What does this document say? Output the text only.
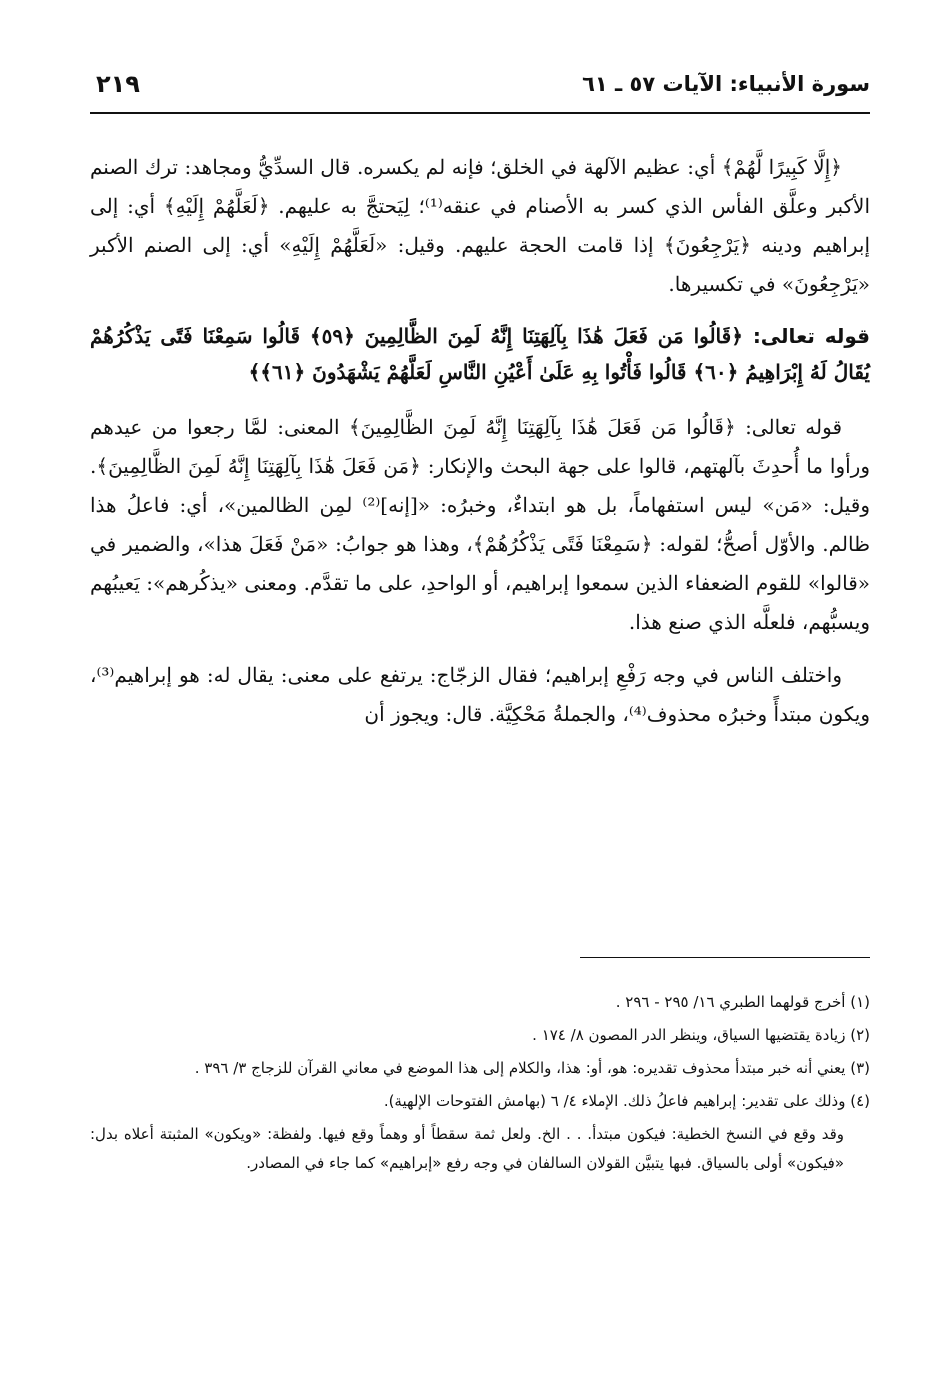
سورة الأنبياء: الآيات ٥٧ ـ ٦١
٢١٩

﴿إِلَّا كَبِيرًا لَّهُمْ﴾ أي: عظيم الآلهة في الخلق؛ فإنه لم يكسره. قال السدِّيُّ ومجاهد: ترك الصنم الأكبر وعلَّق الفأس الذي كسر به الأصنام في عنقه⁽¹⁾؛ لِيَحتجَّ به عليهم. ﴿لَعَلَّهُمْ إِلَيْهِ﴾ أي: إلى إبراهيم ودينه ﴿يَرْجِعُونَ﴾ إذا قامت الحجة عليهم. وقيل: «لَعَلَّهُمْ إِلَيْهِ» أي: إلى الصنم الأكبر «يَرْجِعُونَ» في تكسيرها.

قوله تعالى: ﴿قَالُوا مَن فَعَلَ هَٰذَا بِآلِهَتِنَا إِنَّهُ لَمِنَ الظَّالِمِينَ ﴿٥٩﴾ قَالُوا سَمِعْنَا فَتًى يَذْكُرُهُمْ يُقَالُ لَهُ إِبْرَاهِيمُ ﴿٦٠﴾ قَالُوا فَأْتُوا بِهِ عَلَىٰ أَعْيُنِ النَّاسِ لَعَلَّهُمْ يَشْهَدُونَ ﴿٦١﴾﴾

قوله تعالى: ﴿قَالُوا مَن فَعَلَ هَٰذَا بِآلِهَتِنَا إِنَّهُ لَمِنَ الظَّالِمِينَ﴾ المعنى: لمَّا رجعوا من عيدهم ورأوا ما أُحدِثَ بآلهتهم، قالوا على جهة البحث والإنكار: ﴿مَن فَعَلَ هَٰذَا بِآلِهَتِنَا إِنَّهُ لَمِنَ الظَّالِمِينَ﴾. وقيل: «مَن» ليس استفهاماً، بل هو ابتداءٌ، وخبرُه: «[إنه]⁽²⁾ لمِن الظالمين»، أي: فاعلُ هذا ظالم. والأوّل أصحُّ؛ لقوله: ﴿سَمِعْنَا فَتًى يَذْكُرُهُمْ﴾، وهذا هو جوابُ: «مَنْ فَعَلَ هذا»، والضمير في «قالوا» للقوم الضعفاء الذين سمعوا إبراهيم، أو الواحدِ، على ما تقدَّم. ومعنى «يذكُرهم»: يَعيبُهم ويسبُّهم، فلعلَّه الذي صنع هذا.

واختلف الناس في وجه رَفْعِ إبراهيم؛ فقال الزجّاج: يرتفع على معنى: يقال له: هو إبراهيم⁽³⁾، ويكون مبتدأً وخبرُه محذوف⁽⁴⁾، والجملةُ مَحْكِيَّة. قال: ويجوز أن

(١) أخرج قولهما الطبري ١٦/ ٢٩٥ - ٢٩٦ .
(٢) زيادة يقتضيها السياق، وينظر الدر المصون ٨/ ١٧٤ .
(٣) يعني أنه خبر مبتدأ محذوف تقديره: هو، أو: هذا، والكلام إلى هذا الموضع في معاني القرآن للزجاج ٣/ ٣٩٦ .
(٤) وذلك على تقدير: إبراهيم فاعلُ ذلك. الإملاء ٤/ ٦ (بهامش الفتوحات الإلهية).
وقد وقع في النسخ الخطية: فيكون مبتدأ. . . الخ. ولعل ثمة سقطاً أو وهماً وقع فيها. ولفظة: «ويكون» المثبتة أعلاه بدل: «فيكون» أولى بالسياق. فبها يتبيَّن القولان السالفان في وجه رفع «إبراهيم» كما جاء في المصادر.
